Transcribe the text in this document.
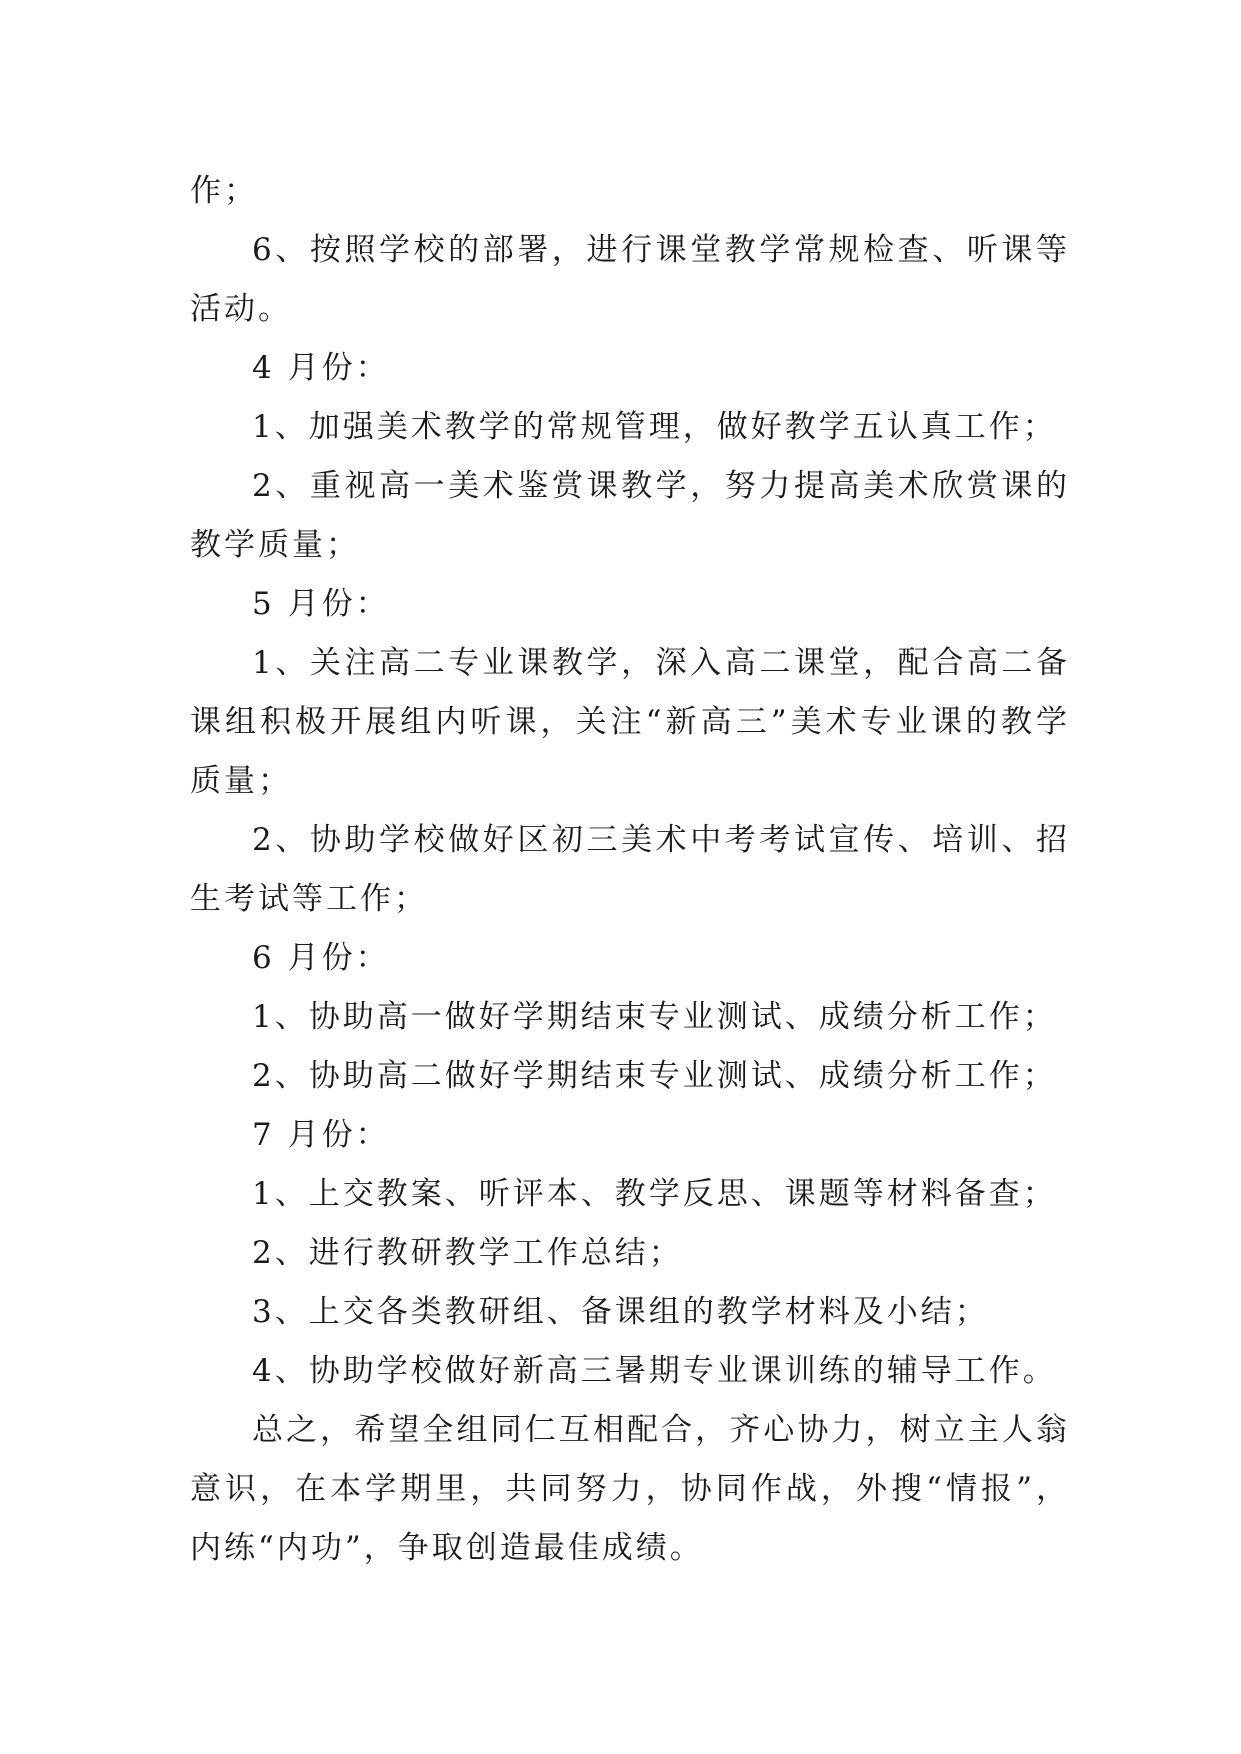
作；

6、按照学校的部署，进行课堂教学常规检查、听课等活动。

4 月份：

1、加强美术教学的常规管理，做好教学五认真工作；

2、重视高一美术鉴赏课教学，努力提高美术欣赏课的教学质量；

5 月份：

1、关注高二专业课教学，深入高二课堂，配合高二备课组积极开展组内听课，关注“新高三”美术专业课的教学质量；

2、协助学校做好区初三美术中考考试宣传、培训、招生考试等工作；

6 月份：

1、协助高一做好学期结束专业测试、成绩分析工作；

2、协助高二做好学期结束专业测试、成绩分析工作；

7 月份：

1、上交教案、听评本、教学反思、课题等材料备查；

2、进行教研教学工作总结；

3、上交各类教研组、备课组的教学材料及小结；

4、协助学校做好新高三暑期专业课训练的辅导工作。

总之，希望全组同仁互相配合，齐心协力，树立主人翁意识，在本学期里，共同努力，协同作战，外搜“情报”，内练“内功”，争取创造最佳成绩。
